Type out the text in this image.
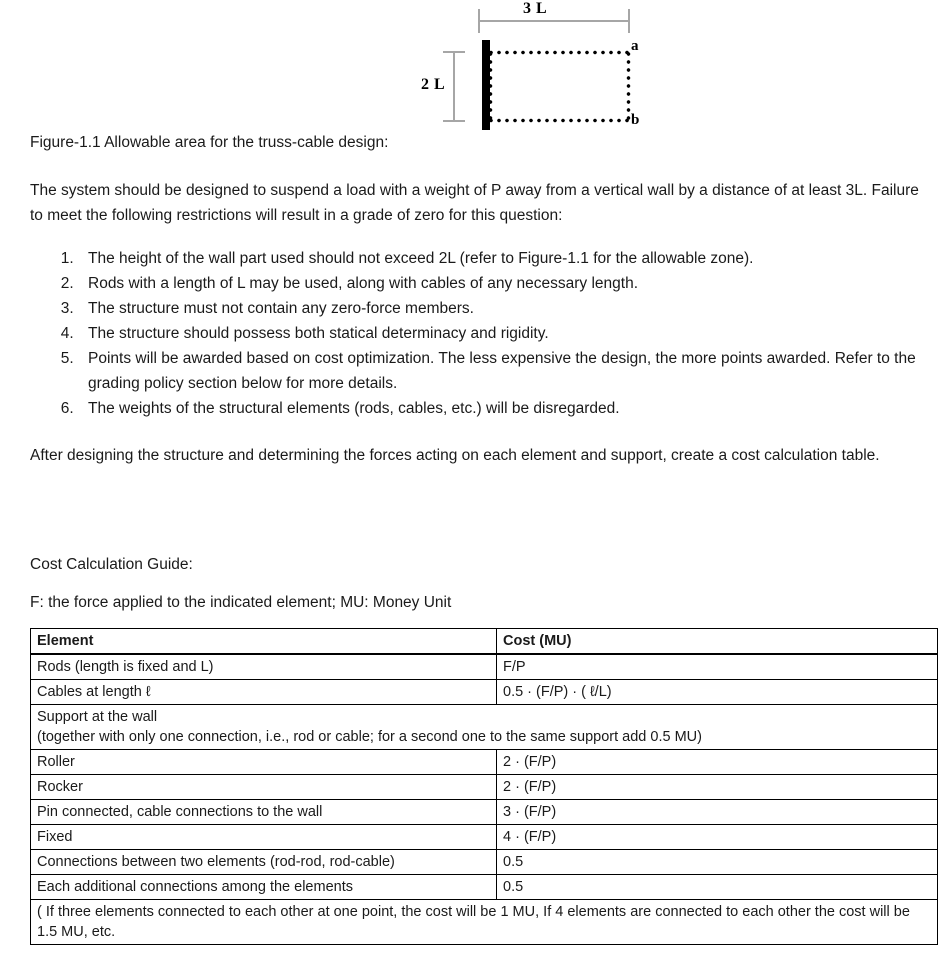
3 L
2 L
a
b
Figure-1.1 Allowable area for the truss-cable design:
The system should be designed to suspend a load with a weight of P away from a vertical wall by a distance of at least 3L. Failure to meet the following restrictions will result in a grade of zero for this question:
1. The height of the wall part used should not exceed 2L (refer to Figure-1.1 for the allowable zone).
2. Rods with a length of L may be used, along with cables of any necessary length.
3. The structure must not contain any zero-force members.
4. The structure should possess both statical determinacy and rigidity.
5. Points will be awarded based on cost optimization. The less expensive the design, the more points awarded. Refer to the grading policy section below for more details.
6. The weights of the structural elements (rods, cables, etc.) will be disregarded.
After designing the structure and determining the forces acting on each element and support, create a cost calculation table.
Cost Calculation Guide:
F: the force applied to the indicated element; MU: Money Unit
Element	Cost (MU)
Rods (length is fixed and L)	F/P
Cables at length ℓ	0.5 · (F/P) · ( ℓ/L)

Support at the wall
(together with only one connection, i.e., rod or cable; for a second one to the same support add 0.5 MU)	

Roller	2 · (F/P)
Rocker	2 · (F/P)
Pin connected, cable connections to the wall	3 · (F/P)
Fixed	4 · (F/P)
Connections between two elements (rod-rod, rod-cable)	0.5
Each additional connections among the elements	0.5
( If three elements connected to each other at one point, the cost will be 1 MU, If 4 elements are connected to each other the cost will be 1.5 MU, etc.	
